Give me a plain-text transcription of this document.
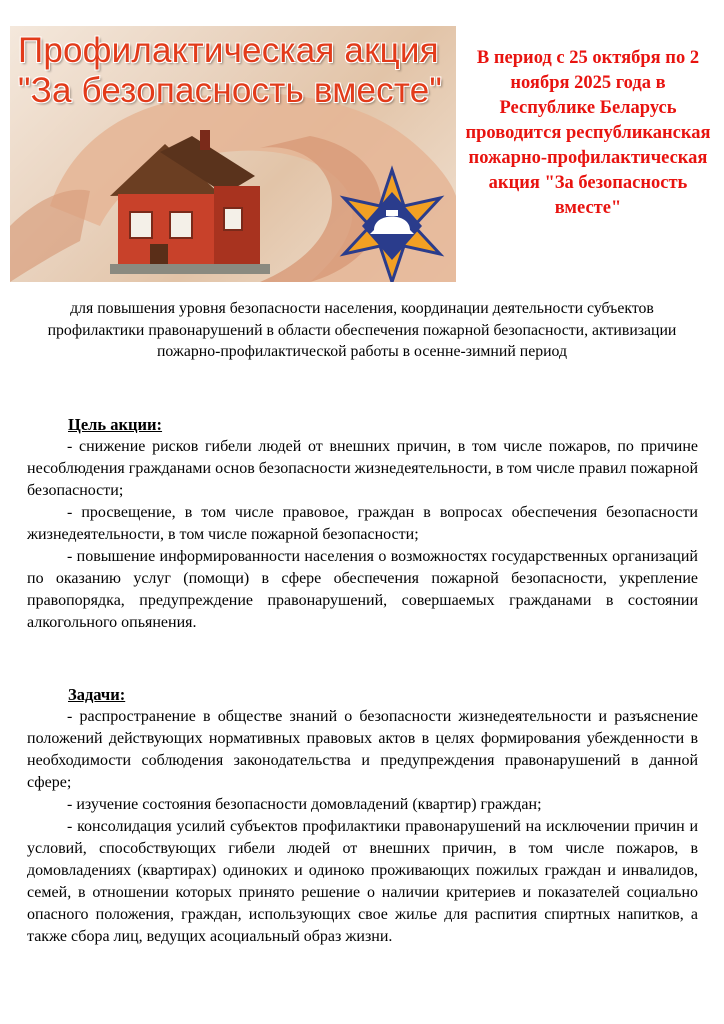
Профилактическая акция
"За безопасность вместе"

В период с 25 октября по 2 ноября 2025 года в Республике Беларусь проводится республиканская пожарно-профилактическая акция "За безопасность вместе"

для повышения уровня безопасности населения, координации деятельности субъектов профилактики правонарушений в области обеспечения пожарной безопасности, активизации пожарно-профилактической работы в осенне-зимний период

Цель акции:

- снижение рисков гибели людей от внешних причин, в том числе пожаров, по причине несоблюдения гражданами основ безопасности жизнедеятельности, в том числе правил пожарной безопасности;

- просвещение, в том числе правовое, граждан в вопросах обеспечения безопасности жизнедеятельности, в том числе пожарной безопасности;

- повышение информированности населения о возможностях государственных организаций по оказанию услуг (помощи) в сфере обеспечения пожарной безопасности, укрепление правопорядка, предупреждение правонарушений, совершаемых гражданами в состоянии алкогольного опьянения.

Задачи:

- распространение в обществе знаний о безопасности жизнедеятельности и разъяснение положений действующих нормативных правовых актов в целях формирования убежденности в необходимости соблюдения законодательства и предупреждения правонарушений в данной сфере;

- изучение состояния безопасности домовладений (квартир) граждан;

- консолидация усилий субъектов профилактики правонарушений на исключении причин и условий, способствующих гибели людей от внешних причин, в том числе пожаров, в домовладениях (квартирах) одиноких и одиноко проживающих пожилых граждан и инвалидов, семей, в отношении которых принято решение о наличии критериев и показателей социально опасного положения, граждан, использующих свое жилье для распития спиртных напитков, а также сбора лиц, ведущих асоциальный образ жизни.
